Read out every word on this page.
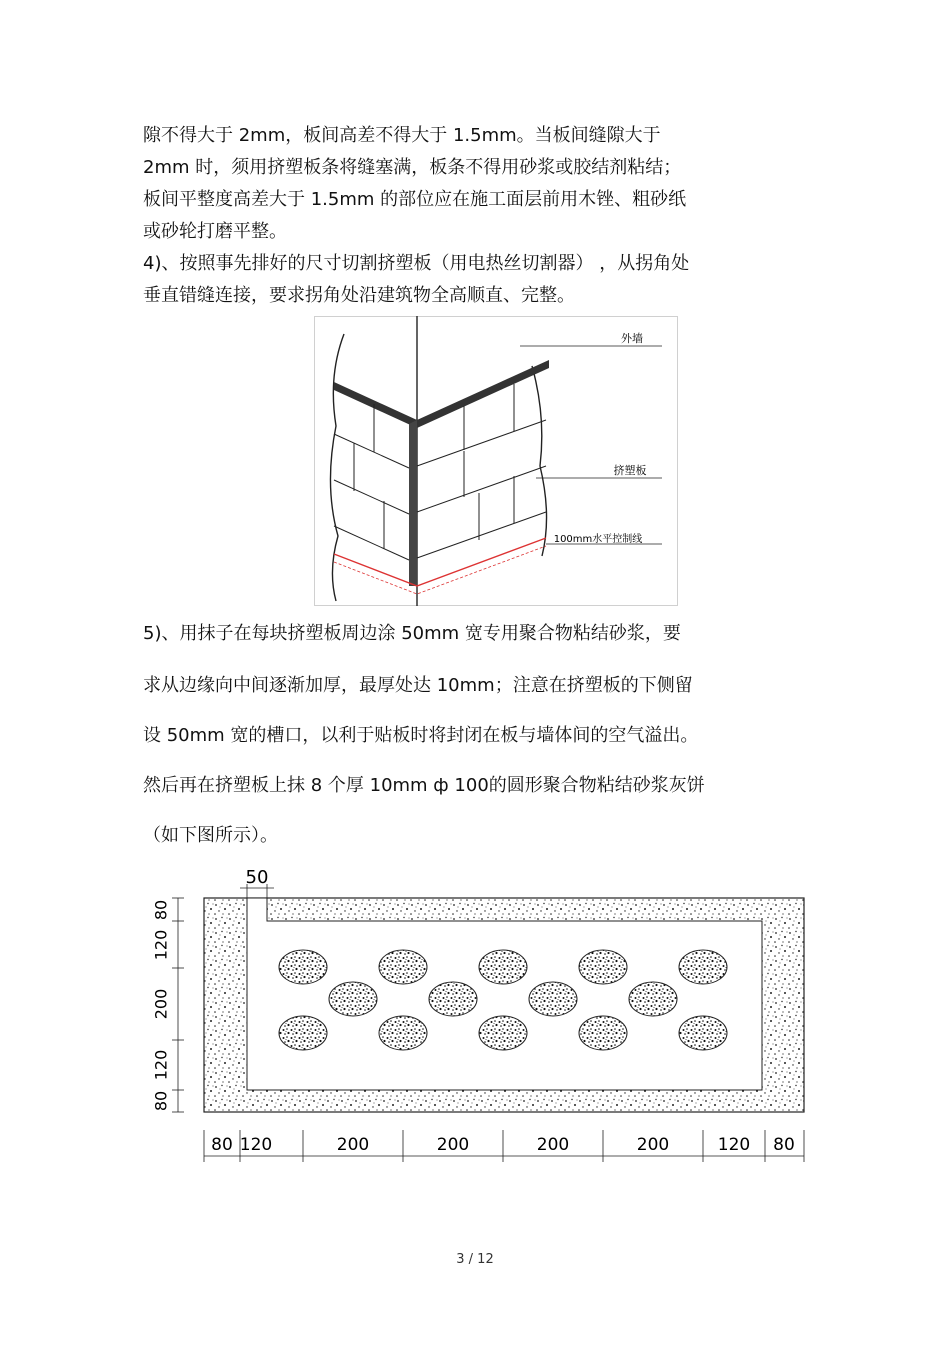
隙不得大于 2mm，板间高差不得大于 1.5mm。当板间缝隙大于
2mm 时，须用挤塑板条将缝塞满，板条不得用砂浆或胶结剂粘结；
板间平整度高差大于 1.5mm 的部位应在施工面层前用木锉、粗砂纸
或砂轮打磨平整。
4)、按照事先排好的尺寸切割挤塑板（用电热丝切割器） ，从拐角处
垂直错缝连接，要求拐角处沿建筑物全高顺直、完整。
外墙
挤塑板
100mm水平控制线
5)、用抹子在每块挤塑板周边涂 50mm 宽专用聚合物粘结砂浆，要
求从边缘向中间逐渐加厚，最厚处达 10mm；注意在挤塑板的下侧留
设 50mm 宽的槽口，以利于贴板时将封闭在板与墙体间的空气溢出。
然后再在挤塑板上抹 8 个厚 10mm ф 100的圆形聚合物粘结砂浆灰饼
（如下图所示）。
50
80
120
200
120
80
80 120	200	200	200	200	120 80
3 / 12
